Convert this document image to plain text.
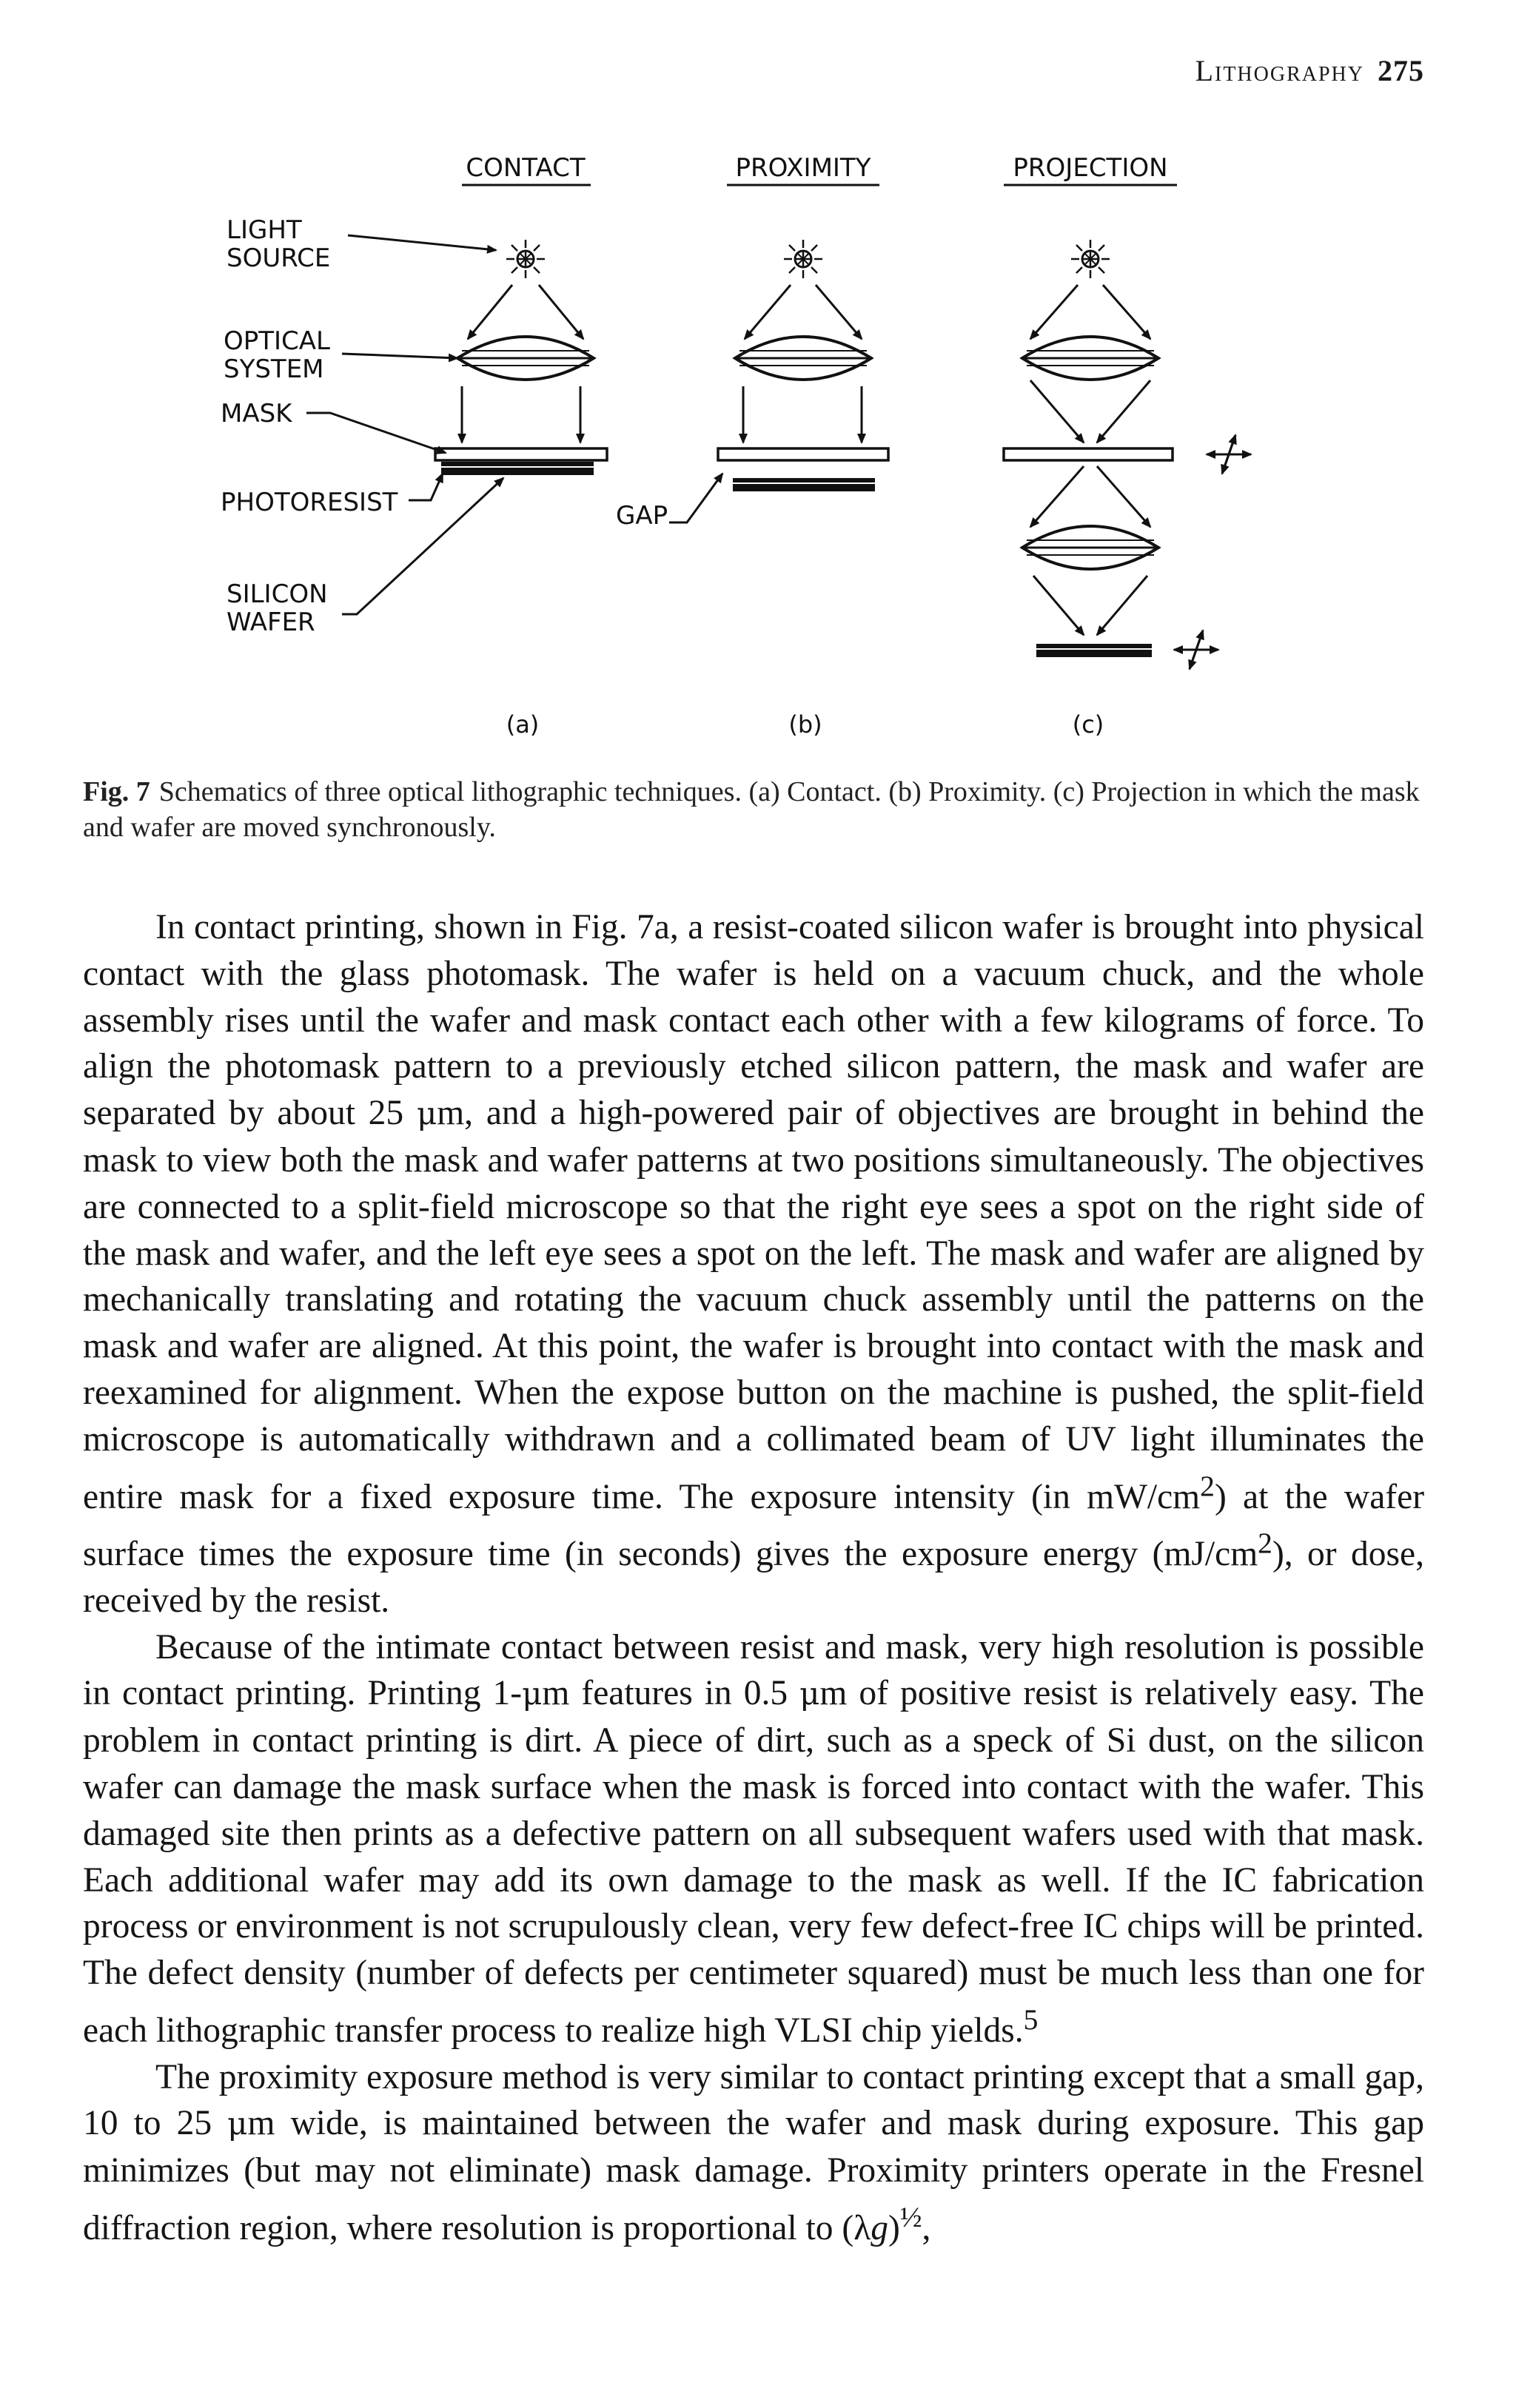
Lithography 275
CONTACT	PROXIMITY	PROJECTION
LIGHT
SOURCE
OPTICAL
SYSTEM
MASK
PHOTORESIST
SILICON
WAFER
GAP
(a)	(b)	(c)
Fig. 7 Schematics of three optical lithographic techniques. (a) Contact. (b) Proximity. (c) Projection in which the mask and wafer are moved synchronously.

In contact printing, shown in Fig. 7a, a resist-coated silicon wafer is brought into physical contact with the glass photomask. The wafer is held on a vacuum chuck, and the whole assembly rises until the wafer and mask contact each other with a few kilograms of force. To align the photomask pattern to a previously etched silicon pattern, the mask and wafer are separated by about 25 μm, and a high-powered pair of objectives are brought in behind the mask to view both the mask and wafer patterns at two positions simultaneously. The objectives are connected to a split-field microscope so that the right eye sees a spot on the right side of the mask and wafer, and the left eye sees a spot on the left. The mask and wafer are aligned by mechanically translating and rotating the vacuum chuck assembly until the patterns on the mask and wafer are aligned. At this point, the wafer is brought into contact with the mask and reexamined for alignment. When the expose button on the machine is pushed, the split-field microscope is automatically withdrawn and a collimated beam of UV light illuminates the entire mask for a fixed exposure time. The exposure intensity (in $mW/cm^2$) at the wafer surface times the exposure time (in seconds) gives the exposure energy $(mJ/cm^2)$, or dose, received by the resist.

Because of the intimate contact between resist and mask, very high resolution is possible in contact printing. Printing 1-μm features in 0.5 μm of positive resist is relatively easy. The problem in contact printing is dirt. A piece of dirt, such as a speck of Si dust, on the silicon wafer can damage the mask surface when the mask is forced into contact with the wafer. This damaged site then prints as a defective pattern on all subsequent wafers used with that mask. Each additional wafer may add its own damage to the mask as well. If the IC fabrication process or environment is not scrupulously clean, very few defect-free IC chips will be printed. The defect density (number of defects per centimeter squared) must be much less than one for each lithographic transfer process to realize high VLSI chip yields.$^5$

The proximity exposure method is very similar to contact printing except that a small gap, 10 to 25 μm wide, is maintained between the wafer and mask during exposure. This gap minimizes (but may not eliminate) mask damage. Proximity printers operate in the Fresnel diffraction region, where resolution is proportional to $(\lambda g)^{\frac{1}{2}}$,
